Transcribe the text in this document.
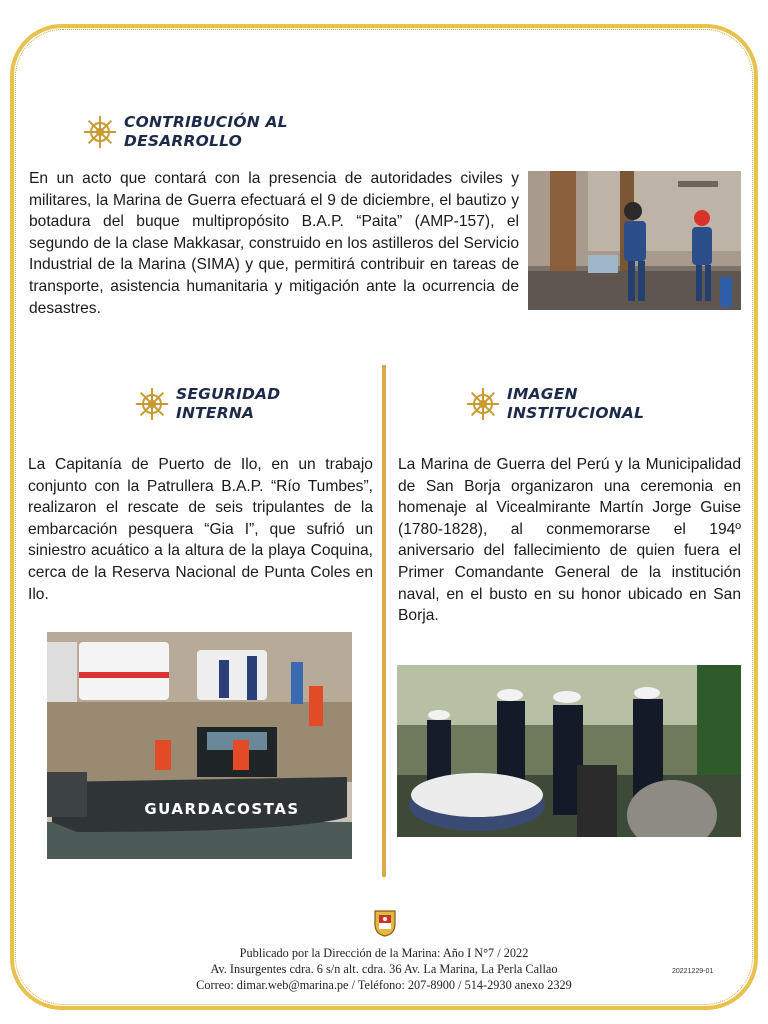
CONTRIBUCIÓN AL
DESARROLLO

En un acto que contará con la presencia de autoridades civiles y militares, la Marina de Guerra efectuará el 9 de diciembre, el bautizo y botadura del buque multipropósito B.A.P. “Paita” (AMP-157), el segundo de la clase Makkasar, construido en los astilleros del Servicio Industrial de la Marina (SIMA) y que, permitirá contribuir en tareas de transporte, asistencia humanitaria y mitigación ante la ocurrencia de desastres.

SEGURIDAD
INTERNA

La Capitanía de Puerto de Ilo, en un trabajo conjunto con la Patrullera B.A.P. “Río Tumbes”, realizaron el rescate de seis tripulantes de la embarcación pesquera “Gia I”, que sufrió un siniestro acuático a la altura de la playa Coquina, cerca de la Reserva Nacional de Punta Coles en Ilo.

GUARDACOSTAS
IMAGEN
INSTITUCIONAL

La Marina de Guerra del Perú y la Municipalidad de San Borja organizaron una ceremonia en homenaje al Vicealmirante Martín Jorge Guise (1780-1828), al conmemorarse el 194º aniversario del fallecimiento de quien fuera el Primer Comandante General de la institución naval, en el busto en su honor ubicado en San Borja.

Publicado por la Dirección de la Marina: Año I N°7 / 2022
Av. Insurgentes cdra. 6 s/n alt. cdra. 36 Av. La Marina, La Perla Callao
Correo: dimar.web@marina.pe / Teléfono: 207-8900 / 514-2930 anexo 2329
20221229-01
